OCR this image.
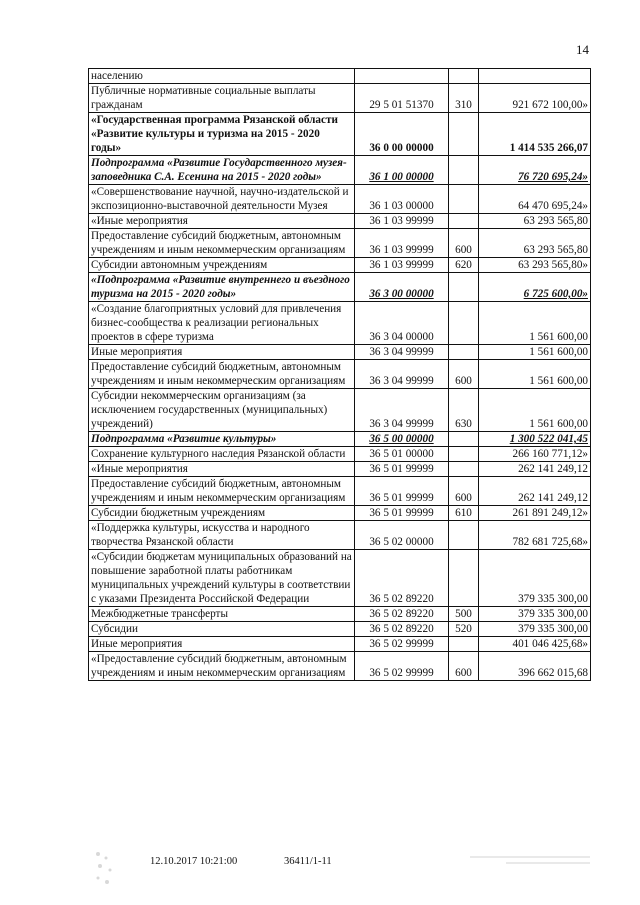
14
населению			
Публичные нормативные социальные выплаты гражданам	29 5 01 51370	310	921 672 100,00»
«Государственная программа Рязанской области «Развитие культуры и туризма на 2015 - 2020 годы»	36 0 00 00000		1 414 535 266,07
Подпрограмма «Развитие Государственного музея-заповедника С.А. Есенина на 2015 - 2020 годы»	36 1 00 00000		76 720 695,24»
«Совершенствование научной, научно-издательской и экспозиционно-выставочной деятельности Музея	36 1 03 00000		64 470 695,24»
«Иные мероприятия	36 1 03 99999		63 293 565,80
Предоставление субсидий бюджетным, автономным учреждениям и иным некоммерческим организациям	36 1 03 99999	600	63 293 565,80
Субсидии автономным учреждениям	36 1 03 99999	620	63 293 565,80»
«Подпрограмма «Развитие внутреннего и въездного туризма на 2015 - 2020 годы»	36 3 00 00000		6 725 600,00»
«Создание благоприятных условий для привлечения бизнес-сообщества к реализации региональных проектов в сфере туризма	36 3 04 00000		1 561 600,00
Иные мероприятия	36 3 04 99999		1 561 600,00
Предоставление субсидий бюджетным, автономным учреждениям и иным некоммерческим организациям	36 3 04 99999	600	1 561 600,00
Субсидии некоммерческим организациям (за исключением государственных (муниципальных) учреждений)	36 3 04 99999	630	1 561 600,00
Подпрограмма «Развитие культуры»	36 5 00 00000		1 300 522 041,45
Сохранение культурного наследия Рязанской области	36 5 01 00000		266 160 771,12»
«Иные мероприятия	36 5 01 99999		262 141 249,12
Предоставление субсидий бюджетным, автономным учреждениям и иным некоммерческим организациям	36 5 01 99999	600	262 141 249,12
Субсидии бюджетным учреждениям	36 5 01 99999	610	261 891 249,12»
«Поддержка культуры, искусства и народного творчества Рязанской области	36 5 02 00000		782 681 725,68»
«Субсидии бюджетам муниципальных образований на повышение заработной платы работникам муниципальных учреждений культуры в соответствии с указами Президента Российской Федерации	36 5 02 89220		379 335 300,00
Межбюджетные трансферты	36 5 02 89220	500	379 335 300,00
Субсидии	36 5 02 89220	520	379 335 300,00
Иные мероприятия	36 5 02 99999		401 046 425,68»
«Предоставление субсидий бюджетным, автономным учреждениям и иным некоммерческим организациям	36 5 02 99999	600	396 662 015,68
12.10.2017 10:21:00	36411/1-11
